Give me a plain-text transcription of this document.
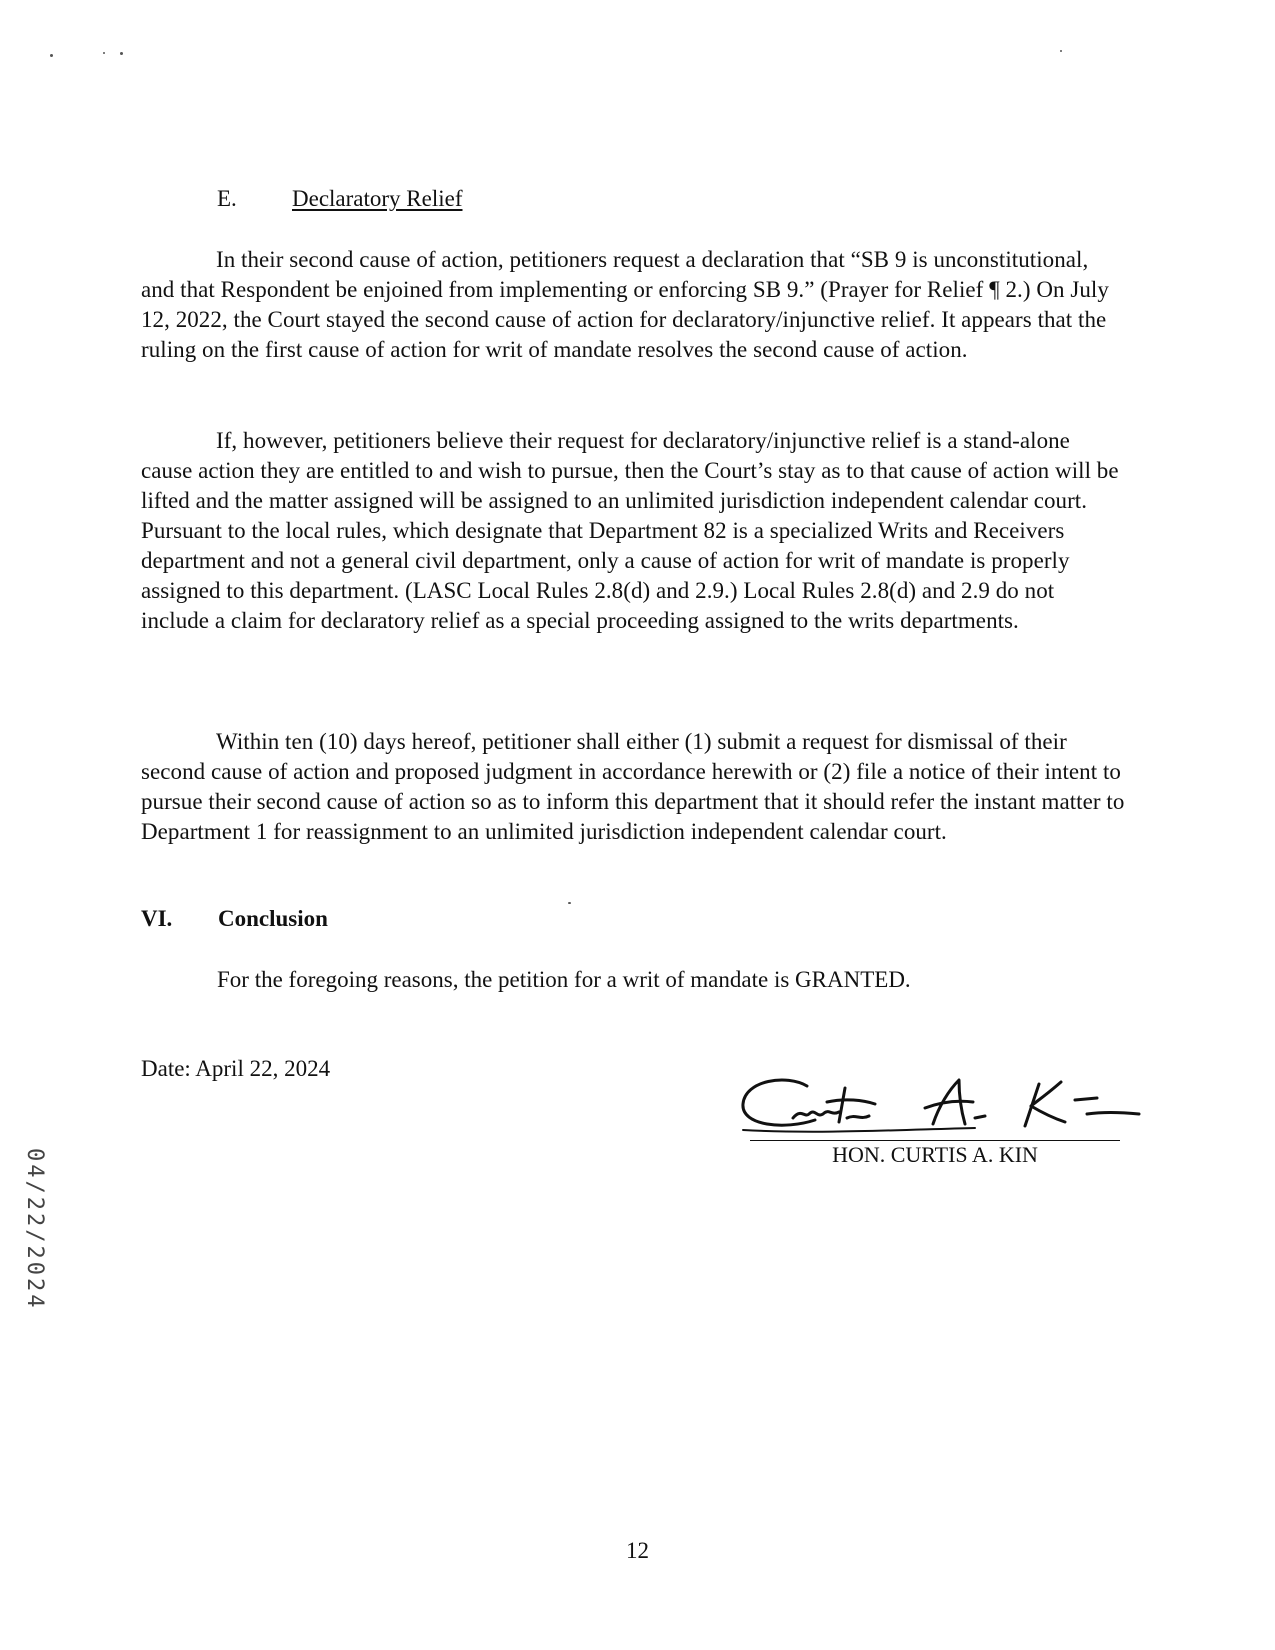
E. Declaratory Relief

In their second cause of action, petitioners request a declaration that “SB 9 is unconstitutional, and that Respondent be enjoined from implementing or enforcing SB 9.” (Prayer for Relief ¶ 2.) On July 12, 2022, the Court stayed the second cause of action for declaratory/injunctive relief. It appears that the ruling on the first cause of action for writ of mandate resolves the second cause of action.

If, however, petitioners believe their request for declaratory/injunctive relief is a stand-alone cause action they are entitled to and wish to pursue, then the Court’s stay as to that cause of action will be lifted and the matter assigned will be assigned to an unlimited jurisdiction independent calendar court. Pursuant to the local rules, which designate that Department 82 is a specialized Writs and Receivers department and not a general civil department, only a cause of action for writ of mandate is properly assigned to this department. (LASC Local Rules 2.8(d) and 2.9.) Local Rules 2.8(d) and 2.9 do not include a claim for declaratory relief as a special proceeding assigned to the writs departments.

Within ten (10) days hereof, petitioner shall either (1) submit a request for dismissal of their second cause of action and proposed judgment in accordance herewith or (2) file a notice of their intent to pursue their second cause of action so as to inform this department that it should refer the instant matter to Department 1 for reassignment to an unlimited jurisdiction independent calendar court.

VI. Conclusion
For the foregoing reasons, the petition for a writ of mandate is GRANTED.
Date: April 22, 2024
HON. CURTIS A. KIN
04/22/2024
12
